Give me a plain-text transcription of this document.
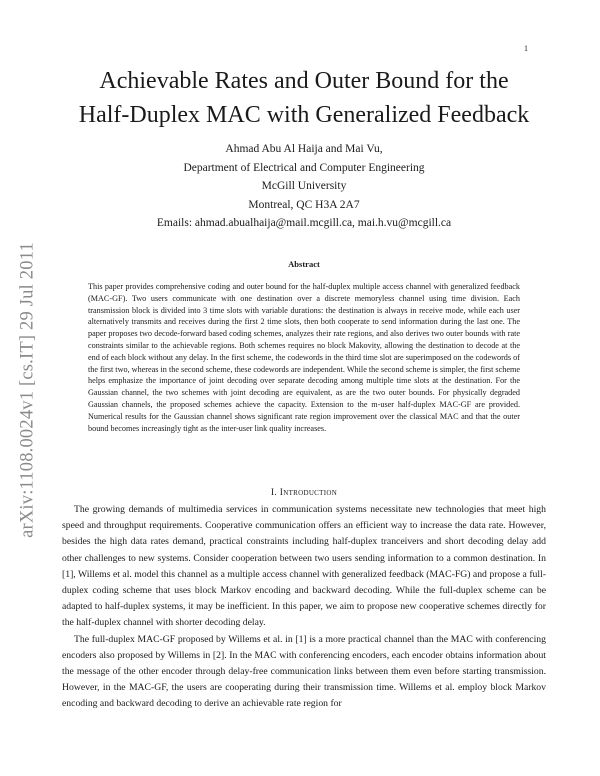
1
arXiv:1108.0024v1 [cs.IT] 29 Jul 2011
Achievable Rates and Outer Bound for the
Half-Duplex MAC with Generalized Feedback
Ahmad Abu Al Haija and Mai Vu,
Department of Electrical and Computer Engineering
McGill University
Montreal, QC H3A 2A7
Emails: ahmad.abualhaija@mail.mcgill.ca, mai.h.vu@mcgill.ca
Abstract
This paper provides comprehensive coding and outer bound for the half-duplex multiple access channel with generalized feedback (MAC-GF). Two users communicate with one destination over a discrete memoryless channel using time division. Each transmission block is divided into 3 time slots with variable durations: the destination is always in receive mode, while each user alternatively transmits and receives during the first 2 time slots, then both cooperate to send information during the last one. The paper proposes two decode-forward based coding schemes, analyzes their rate regions, and also derives two outer bounds with rate constraints similar to the achievable regions. Both schemes requires no block Makovity, allowing the destination to decode at the end of each block without any delay. In the first scheme, the codewords in the third time slot are superimposed on the codewords of the first two, whereas in the second scheme, these codewords are independent. While the second scheme is simpler, the first scheme helps emphasize the importance of joint decoding over separate decoding among multiple time slots at the destination. For the Gaussian channel, the two schemes with joint decoding are equivalent, as are the two outer bounds. For physically degraded Gaussian channels, the proposed schemes achieve the capacity. Extension to the m-user half-duplex MAC-GF are provided. Numerical results for the Gaussian channel shows significant rate region improvement over the classical MAC and that the outer bound becomes increasingly tight as the inter-user link quality increases.
I. Introduction

The growing demands of multimedia services in communication systems necessitate new technologies that meet high speed and throughput requirements. Cooperative communication offers an efficient way to increase the data rate. However, besides the high data rates demand, practical constraints including half-duplex tranceivers and short decoding delay add other challenges to new systems. Consider cooperation between two users sending information to a common destination. In [1], Willems et al. model this channel as a multiple access channel with generalized feedback (MAC-FG) and propose a full-duplex coding scheme that uses block Markov encoding and backward decoding. While the full-duplex scheme can be adapted to half-duplex systems, it may be inefficient. In this paper, we aim to propose new cooperative schemes directly for the half-duplex channel with shorter decoding delay.

The full-duplex MAC-GF proposed by Willems et al. in [1] is a more practical channel than the MAC with conferencing encoders also proposed by Willems in [2]. In the MAC with conferencing encoders, each encoder obtains information about the message of the other encoder through delay-free communication links between them even before starting transmission. However, in the MAC-GF, the users are cooperating during their transmission time. Willems et al. employ block Markov encoding and backward decoding to derive an achievable rate region for
